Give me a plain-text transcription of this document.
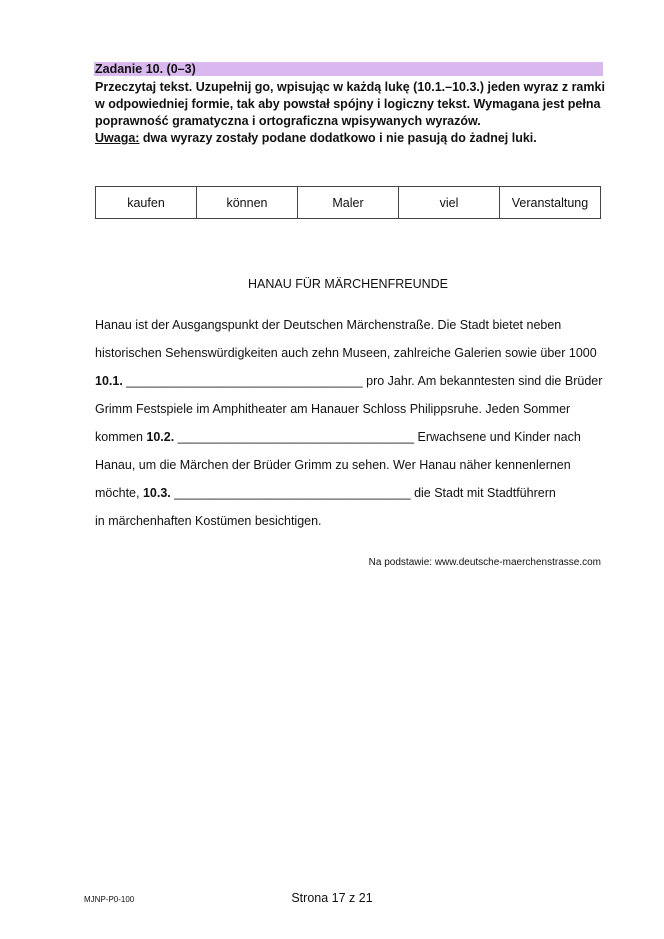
Zadanie 10. (0–3)

Przeczytaj tekst. Uzupełnij go, wpisując w każdą lukę (10.1.–10.3.) jeden wyraz z ramki w odpowiedniej formie, tak aby powstał spójny i logiczny tekst. Wymagana jest pełna poprawność gramatyczna i ortograficzna wpisywanych wyrazów.

Uwaga: dwa wyrazy zostały podane dodatkowo i nie pasują do żadnej luki.

kaufen	können	Maler	viel	Veranstaltung
HANAU FÜR MÄRCHENFREUNDE
Hanau ist der Ausgangspunkt der Deutschen Märchenstraße. Die Stadt bietet neben
historischen Sehenswürdigkeiten auch zehn Museen, zahlreiche Galerien sowie über 1000
10.1. __________________________________ pro Jahr. Am bekanntesten sind die Brüder
Grimm Festspiele im Amphitheater am Hanauer Schloss Philippsruhe. Jeden Sommer
kommen 10.2. __________________________________ Erwachsene und Kinder nach
Hanau, um die Märchen der Brüder Grimm zu sehen. Wer Hanau näher kennenlernen
möchte, 10.3. __________________________________ die Stadt mit Stadtführern
in märchenhaften Kostümen besichtigen.
Na podstawie: www.deutsche-maerchenstrasse.com
MJNP-P0-100	Strona 17 z 21
